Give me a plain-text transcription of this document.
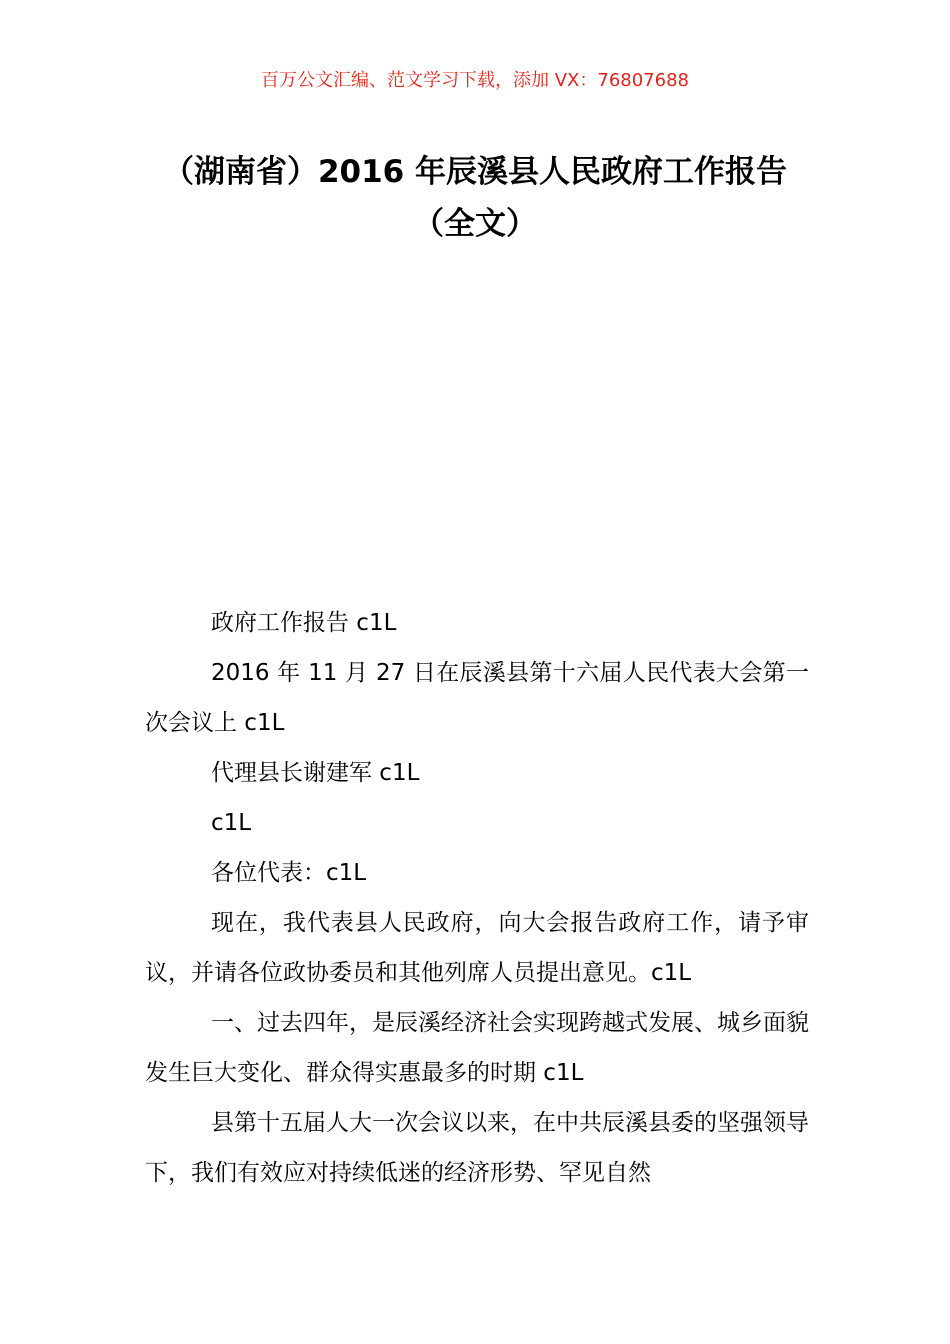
百万公文汇编、范文学习下载，添加 VX：76807688
（湖南省）2016 年辰溪县人民政府工作报告（全文）

政府工作报告 c1L

2016 年 11 月 27 日在辰溪县第十六届人民代表大会第一次会议上 c1L

代理县长谢建军 c1L

c1L

各位代表：c1L

现在，我代表县人民政府，向大会报告政府工作，请予审议，并请各位政协委员和其他列席人员提出意见。c1L

一、过去四年，是辰溪经济社会实现跨越式发展、城乡面貌发生巨大变化、群众得实惠最多的时期 c1L

县第十五届人大一次会议以来，在中共辰溪县委的坚强领导下，我们有效应对持续低迷的经济形势、罕见自然
